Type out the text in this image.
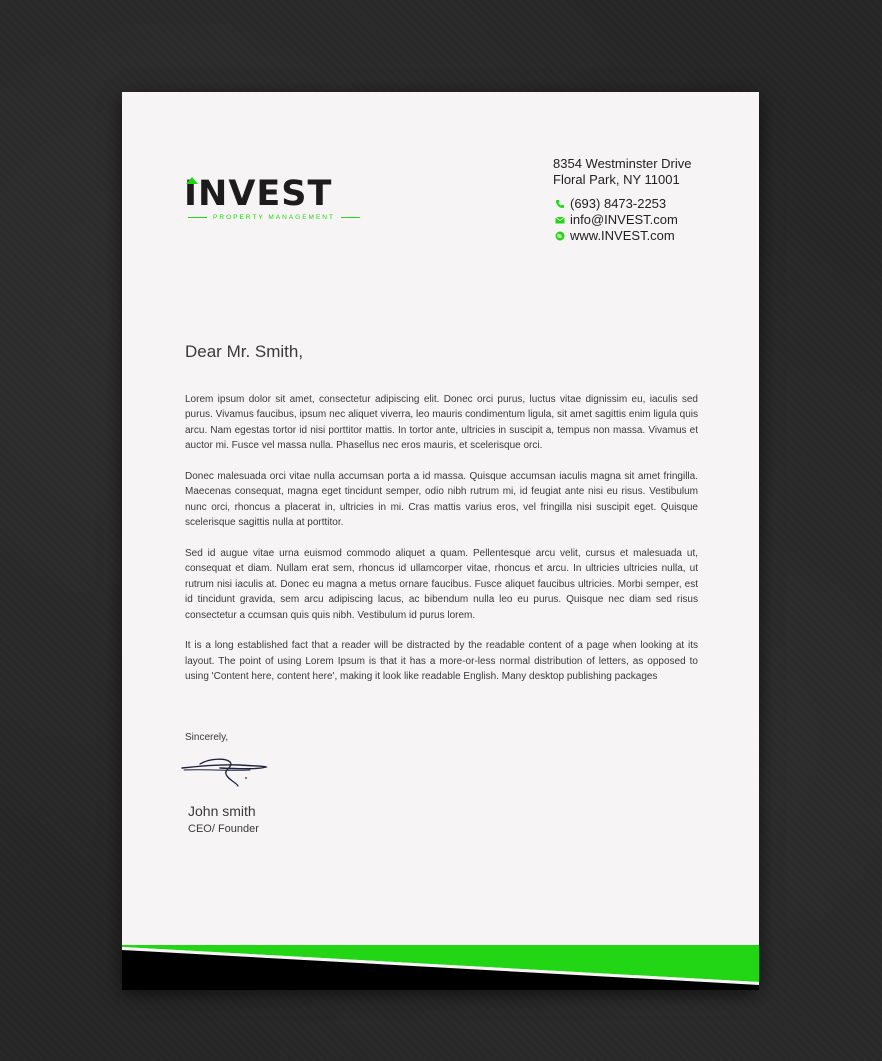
INVEST
PROPERTY MANAGEMENT
8354 Westminster Drive
Floral Park, NY 11001
(693) 8473-2253
info@INVEST.com
www.INVEST.com
Dear Mr. Smith,

Lorem ipsum dolor sit amet, consectetur adipiscing elit. Donec orci purus, luctus vitae dignissim eu, iaculis sed purus. Vivamus faucibus, ipsum nec aliquet viverra, leo mauris condimentum ligula, sit amet sagittis enim ligula quis arcu. Nam egestas tortor id nisi porttitor mattis. In tortor ante, ultricies in suscipit a, tempus non massa. Vivamus et auctor mi. Fusce vel massa nulla. Phasellus nec eros mauris, et scelerisque orci.

Donec malesuada orci vitae nulla accumsan porta a id massa. Quisque accumsan iaculis magna sit amet fringilla. Maecenas consequat, magna eget tincidunt semper, odio nibh rutrum mi, id feugiat ante nisi eu risus. Vestibulum nunc orci, rhoncus a placerat in, ultricies in mi. Cras mattis varius eros, vel fringilla nisi suscipit eget. Quisque scelerisque sagittis nulla at porttitor.

Sed id augue vitae urna euismod commodo aliquet a quam. Pellentesque arcu velit, cursus et malesuada ut, consequat et diam. Nullam erat sem, rhoncus id ullamcorper vitae, rhoncus et arcu. In ultricies ultricies nulla, ut rutrum nisi iaculis at. Donec eu magna a metus ornare faucibus. Fusce aliquet faucibus ultricies. Morbi semper, est id tincidunt gravida, sem arcu adipiscing lacus, ac bibendum nulla leo eu purus. Quisque nec diam sed risus consectetur a ccumsan quis quis nibh. Vestibulum id purus lorem.

It is a long established fact that a reader will be distracted by the readable content of a page when looking at its layout. The point of using Lorem Ipsum is that it has a more-or-less normal distribution of letters, as opposed to using 'Content here, content here', making it look like readable English. Many desktop publishing packages

Sincerely,
John smith
CEO/ Founder
